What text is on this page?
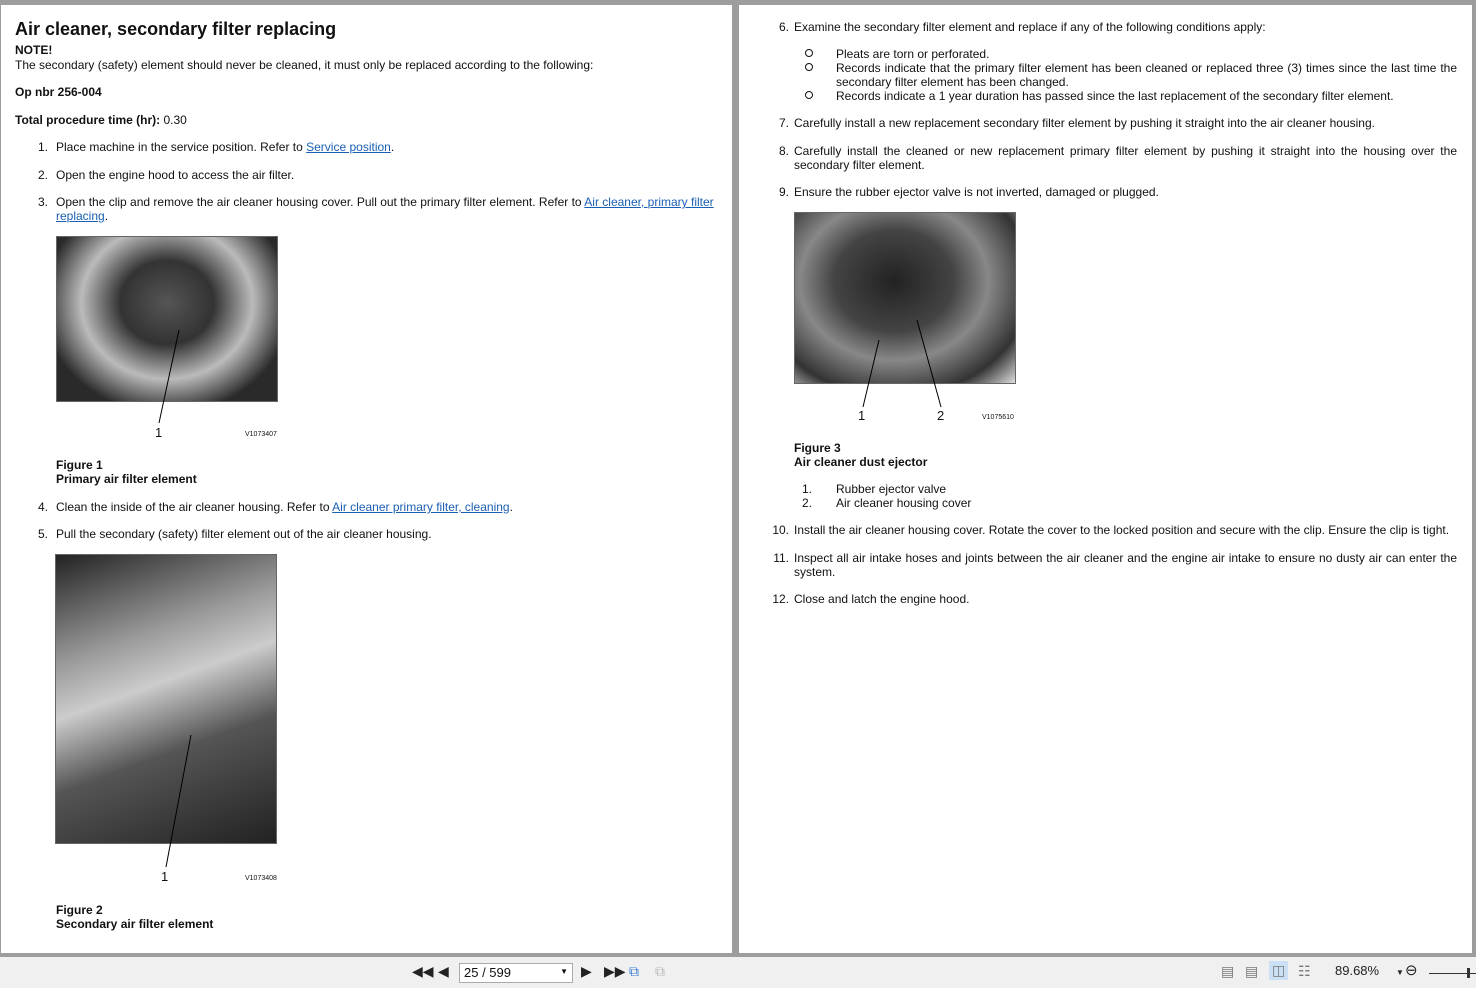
Air cleaner, secondary filter replacing
NOTE!
The secondary (safety) element should never be cleaned, it must only be replaced according to the following:
Op nbr 256-004
Total procedure time (hr): 0.30
1. Place machine in the service position. Refer to Service position.
2. Open the engine hood to access the air filter.
3. Open the clip and remove the air cleaner housing cover. Pull out the primary filter element. Refer to Air cleaner, primary filter
replacing.
1	V1073407
Figure 1
Primary air filter element
4. Clean the inside of the air cleaner housing. Refer to Air cleaner primary filter, cleaning.
5. Pull the secondary (safety) filter element out of the air cleaner housing.
1	V1073408
Figure 2
Secondary air filter element
6. Examine the secondary filter element and replace if any of the following conditions apply:
Pleats are torn or perforated.
Records indicate that the primary filter element has been cleaned or replaced three (3) times since the last time the
secondary filter element has been changed.
Records indicate a 1 year duration has passed since the last replacement of the secondary filter element.
7. Carefully install a new replacement secondary filter element by pushing it straight into the air cleaner housing.
8. Carefully install the cleaned or new replacement primary filter element by pushing it straight into the housing over the
secondary filter element.
9. Ensure the rubber ejector valve is not inverted, damaged or plugged.
1	2	V1075610
Figure 3
Air cleaner dust ejector
1. Rubber ejector valve
2. Air cleaner housing cover
10. Install the air cleaner housing cover. Rotate the cover to the locked position and secure with the clip. Ensure the clip is tight.
11. Inspect all air intake hoses and joints between the air cleaner and the engine air intake to ensure no dusty air can enter the
system.
12. Close and latch the engine hood.
◀◀ ◀	25 / 599	▼ ▶ ▶▶ ⧉ ⧉	▤ ▤ ◫ ☷ 89.68% ▼ ⊖
